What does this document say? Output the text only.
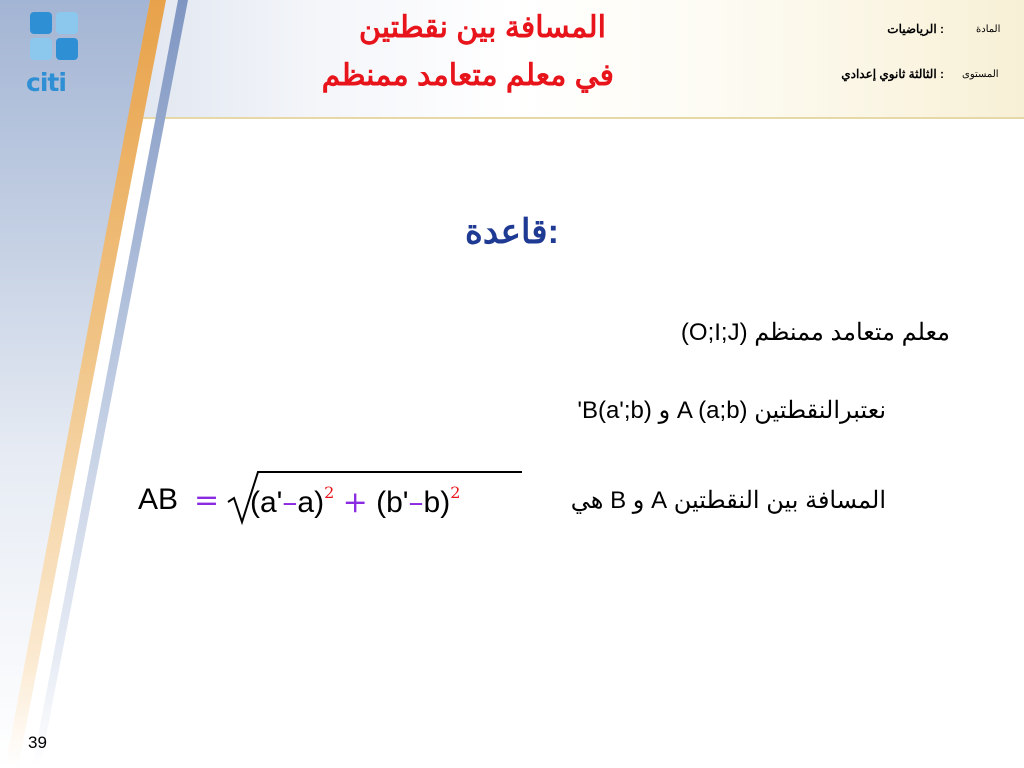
citi
المسافة بين نقطتين
في معلم متعامد ممنظم
المادة
: الرياضيات
المستوى
: الثالثة ثانوي إعدادي
قاعدة:
معلم متعامد ممنظم (O;I;J)
نعتبرالنقطتين (A (a;b و (B(a';b'
المسافة بين النقطتين A و B هي
AB = $(a'-a)^2 + (b'-b)^2$
39
